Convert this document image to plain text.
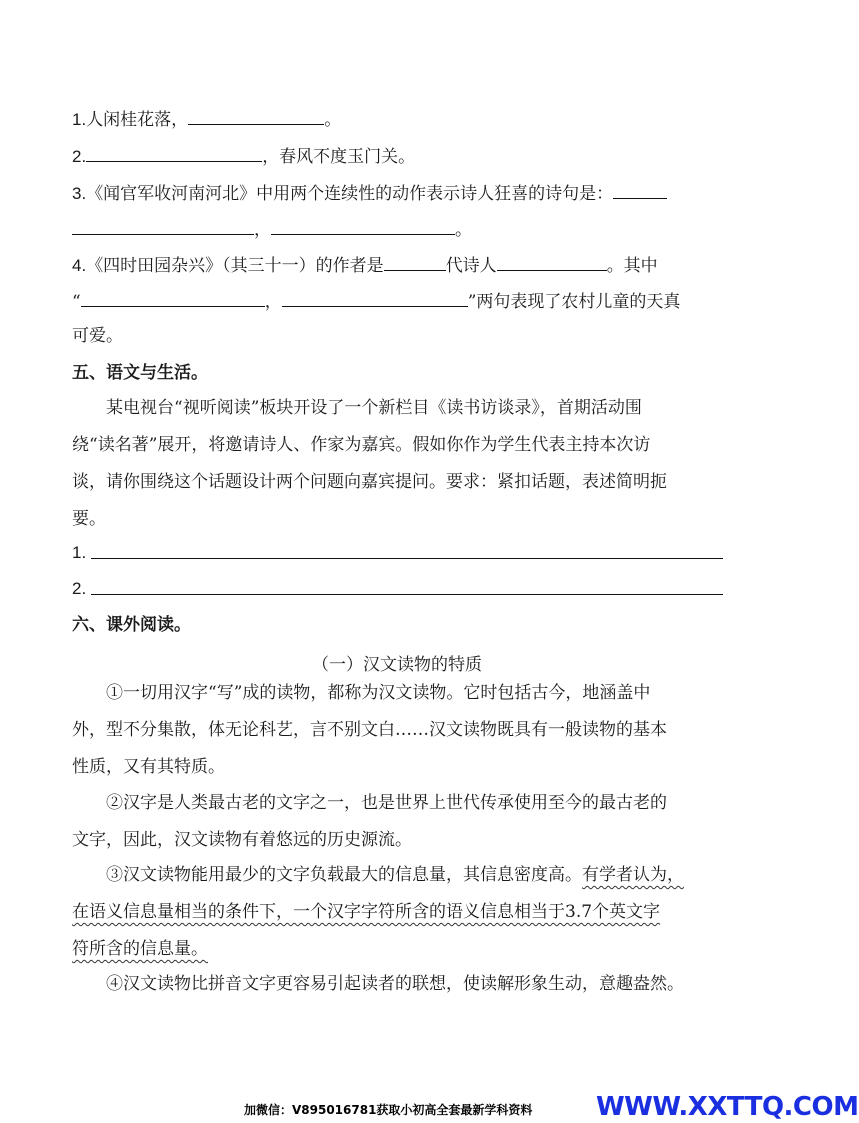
1.人闲桂花落，	。
2.	，春风不度玉门关。
3.《闻官军收河南河北》中用两个连续性的动作表示诗人狂喜的诗句是：
，	。
4.《四时田园杂兴》（其三十一）的作者是	代诗人	。其中
“	，	”两句表现了农村儿童的天真
可爱。
五、语文与生活。
某电视台“视听阅读”板块开设了一个新栏目《读书访谈录》，首期活动围
绕“读名著”展开，将邀请诗人、作家为嘉宾。假如你作为学生代表主持本次访
谈，请你围绕这个话题设计两个问题向嘉宾提问。要求：紧扣话题，表述简明扼
要。
1.
2.
六、课外阅读。
（一）汉文读物的特质
①一切用汉字“写”成的读物，都称为汉文读物。它时包括古今，地涵盖中
外，型不分集散，体无论科艺，言不别文白……汉文读物既具有一般读物的基本
性质，又有其特质。
②汉字是人类最古老的文字之一，也是世界上世代传承使用至今的最古老的
文字，因此，汉文读物有着悠远的历史源流。
③汉文读物能用最少的文字负载最大的信息量，其信息密度高。有学者认为，
在语义信息量相当的条件下，一个汉字字符所含的语义信息相当于3.7个英文字
符所含的信息量。
④汉文读物比拼音文字更容易引起读者的联想，使读解形象生动，意趣盎然。
加微信：V895016781获取小初高全套最新学科资料 WWW.XXTTQ.COM
